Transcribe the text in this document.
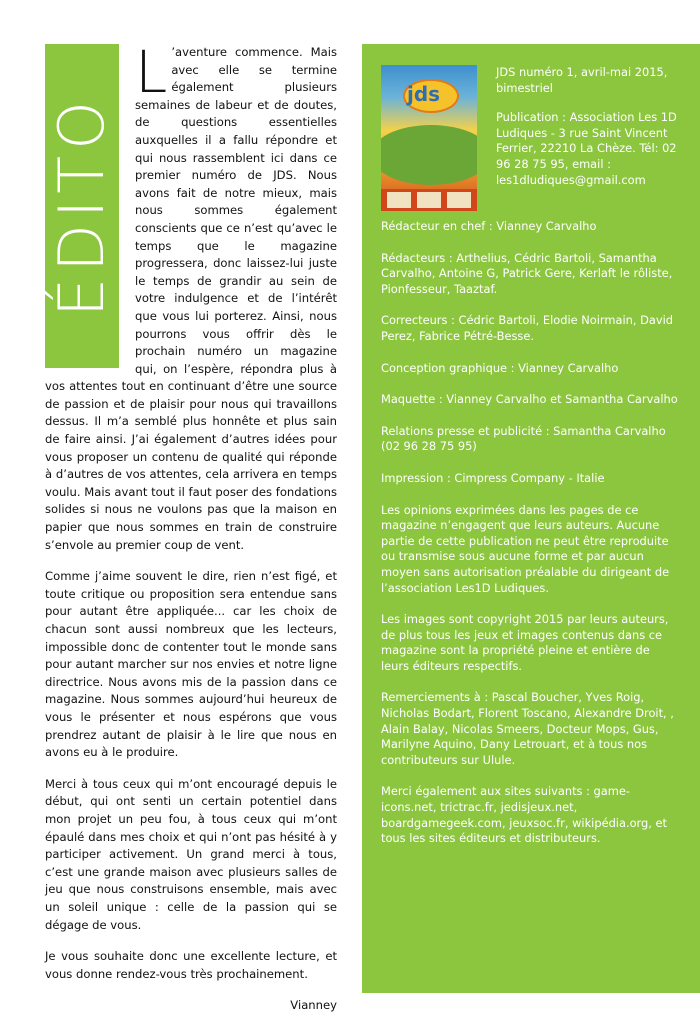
ÉDITO

L ’aventure commence. Mais avec elle se termine également plusieurs semaines de labeur et de doutes, de questions essentielles auxquelles il a fallu répondre et qui nous rassemblent ici dans ce premier numéro de JDS. Nous avons fait de notre mieux, mais nous sommes également conscients que ce n’est qu’avec le temps que le magazine progressera, donc laissez-lui juste le temps de grandir au sein de votre indulgence et de l’intérêt que vous lui porterez. Ainsi, nous pourrons vous offrir dès le prochain numéro un magazine qui, on l’espère, répondra plus à vos attentes tout en continuant d’être une source de passion et de plaisir pour nous qui travaillons dessus. Il m’a semblé plus honnête et plus sain de faire ainsi. J’ai également d’autres idées pour vous proposer un contenu de qualité qui réponde à d’autres de vos attentes, cela arrivera en temps voulu. Mais avant tout il faut poser des fondations solides si nous ne voulons pas que la maison en papier que nous sommes en train de construire s’envole au premier coup de vent.

Comme j’aime souvent le dire, rien n’est figé, et toute critique ou proposition sera entendue sans pour autant être appliquée... car les choix de chacun sont aussi nombreux que les lecteurs, impossible donc de contenter tout le monde sans pour autant marcher sur nos envies et notre ligne directrice. Nous avons mis de la passion dans ce magazine. Nous sommes aujourd’hui heureux de vous le présenter et nous espérons que vous prendrez autant de plaisir à le lire que nous en avons eu à le produire.

Merci à tous ceux qui m’ont encouragé depuis le début, qui ont senti un certain potentiel dans mon projet un peu fou, à tous ceux qui m’ont épaulé dans mes choix et qui n’ont pas hésité à y participer activement. Un grand merci à tous, c’est une grande maison avec plusieurs salles de jeu que nous construisons ensemble, mais avec un soleil unique : celle de la passion qui se dégage de vous.

Je vous souhaite donc une excellente lecture, et vous donne rendez-vous très prochainement.

Vianney
jds

JDS numéro 1, avril-mai 2015, bimestriel

Publication : Association Les 1D Ludiques - 3 rue Saint Vincent Ferrier, 22210 La Chèze. Tél: 02 96 28 75 95, email : les1dludiques@gmail.com

Rédacteur en chef : Vianney Carvalho
Rédacteurs : Arthelius, Cédric Bartoli, Samantha Carvalho, Antoine G, Patrick Gere, Kerlaft le rôliste, Pionfesseur, Taaztaf.
Correcteurs : Cédric Bartoli, Elodie Noirmain, David Perez, Fabrice Pétré-Besse.
Conception graphique : Vianney Carvalho
Maquette : Vianney Carvalho et Samantha Carvalho
Relations presse et publicité : Samantha Carvalho (02 96 28 75 95)
Impression : Cimpress Company - Italie
Les opinions exprimées dans les pages de ce magazine n’engagent que leurs auteurs. Aucune partie de cette publication ne peut être reproduite ou transmise sous aucune forme et par aucun moyen sans autorisation préalable du dirigeant de l’association Les1D Ludiques.
Les images sont copyright 2015 par leurs auteurs, de plus tous les jeux et images contenus dans ce magazine sont la propriété pleine et entière de leurs éditeurs respectifs.
Remerciements à : Pascal Boucher, Yves Roig, Nicholas Bodart, Florent Toscano, Alexandre Droit, , Alain Balay, Nicolas Smeers, Docteur Mops, Gus, Marilyne Aquino, Dany Letrouart, et à tous nos contributeurs sur Ulule.
Merci également aux sites suivants : game-icons.net, trictrac.fr, jedisjeux.net, boardgamegeek.com, jeuxsoc.fr, wikipédia.org, et tous les sites éditeurs et distributeurs.
